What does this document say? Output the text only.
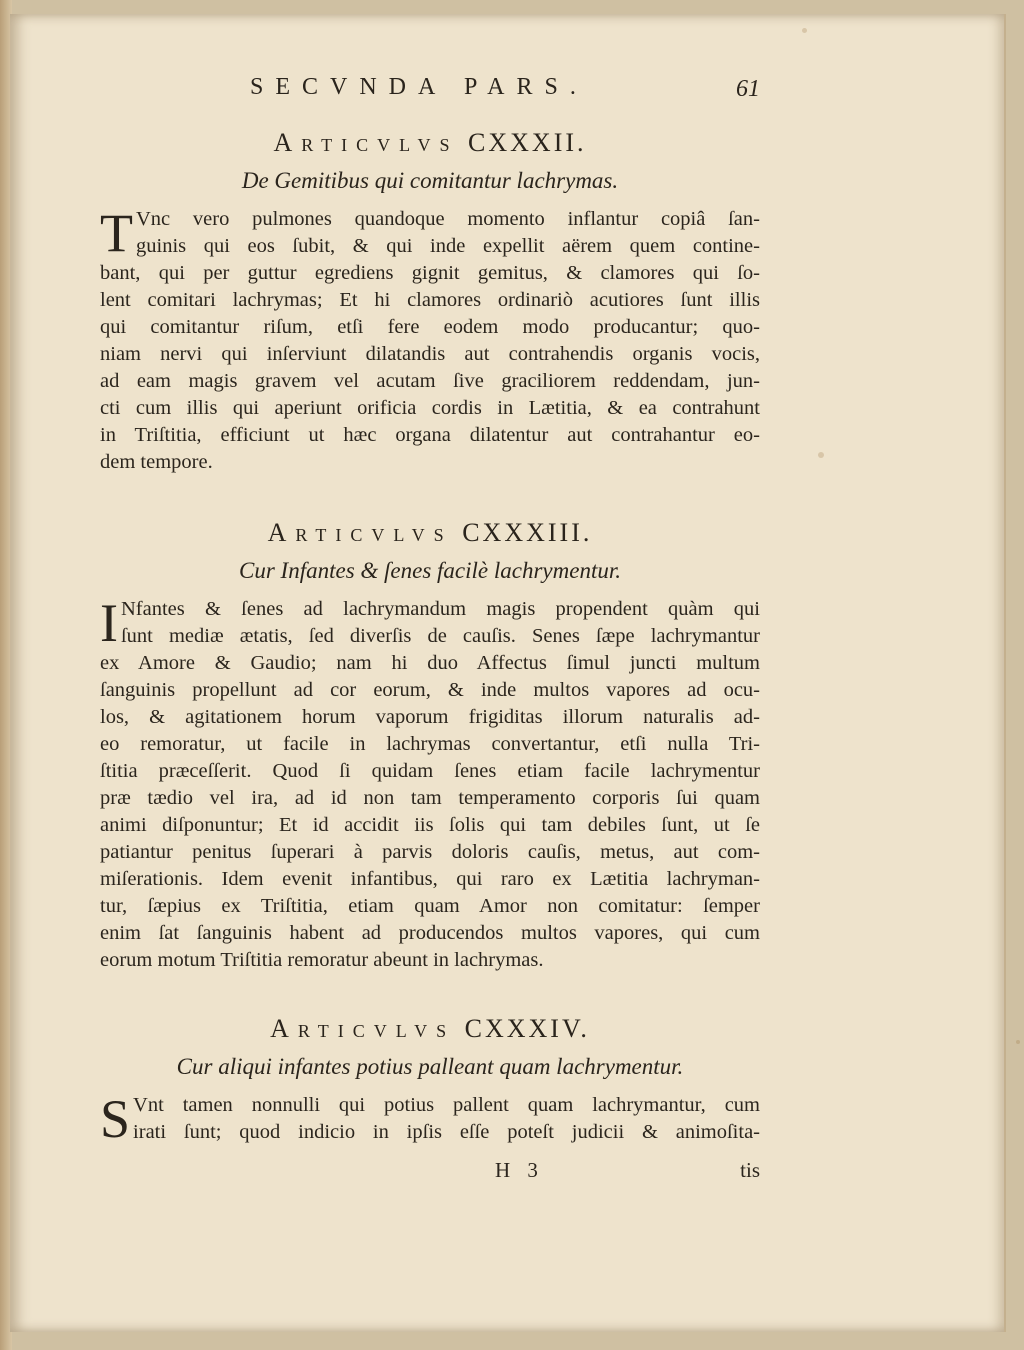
SECVNDA PARS.	61
Articvlvs CXXXII.
De Gemitibus qui comitantur lachrymas.
T Vnc vero pulmones quandoque momento inflantur copiâ ſan-
guinis qui eos ſubit, & qui inde expellit aërem quem contine-
bant, qui per guttur egrediens gignit gemitus, & clamores qui ſo-
lent comitari lachrymas; Et hi clamores ordinariò acutiores ſunt illis
qui comitantur riſum, etſi fere eodem modo producantur; quo-
niam nervi qui inſerviunt dilatandis aut contrahendis organis vocis,
ad eam magis gravem vel acutam ſive graciliorem reddendam, jun-
cti cum illis qui aperiunt orificia cordis in Lætitia, & ea contrahunt
in Triſtitia, efficiunt ut hæc organa dilatentur aut contrahantur eo-
dem tempore.
Articvlvs CXXXIII.
Cur Infantes & ſenes facilè lachrymentur.
I Nfantes & ſenes ad lachrymandum magis propendent quàm qui
ſunt mediæ ætatis, ſed diverſis de cauſis. Senes ſæpe lachrymantur
ex Amore & Gaudio; nam hi duo Affectus ſimul juncti multum
ſanguinis propellunt ad cor eorum, & inde multos vapores ad ocu-
los, & agitationem horum vaporum frigiditas illorum naturalis ad-
eo remoratur, ut facile in lachrymas convertantur, etſi nulla Tri-
ſtitia præceſſerit. Quod ſi quidam ſenes etiam facile lachrymentur
præ tædio vel ira, ad id non tam temperamento corporis ſui quam
animi diſponuntur; Et id accidit iis ſolis qui tam debiles ſunt, ut ſe
patiantur penitus ſuperari à parvis doloris cauſis, metus, aut com-
miſerationis. Idem evenit infantibus, qui raro ex Lætitia lachryman-
tur, ſæpius ex Triſtitia, etiam quam Amor non comitatur: ſemper
enim ſat ſanguinis habent ad producendos multos vapores, qui cum
eorum motum Triſtitia remoratur abeunt in lachrymas.
Articvlvs CXXXIV.
Cur aliqui infantes potius palleant quam lachrymentur.
S Vnt tamen nonnulli qui potius pallent quam lachrymantur, cum
irati ſunt; quod indicio in ipſis eſſe poteſt judicii & animoſita-
H 3	tis
